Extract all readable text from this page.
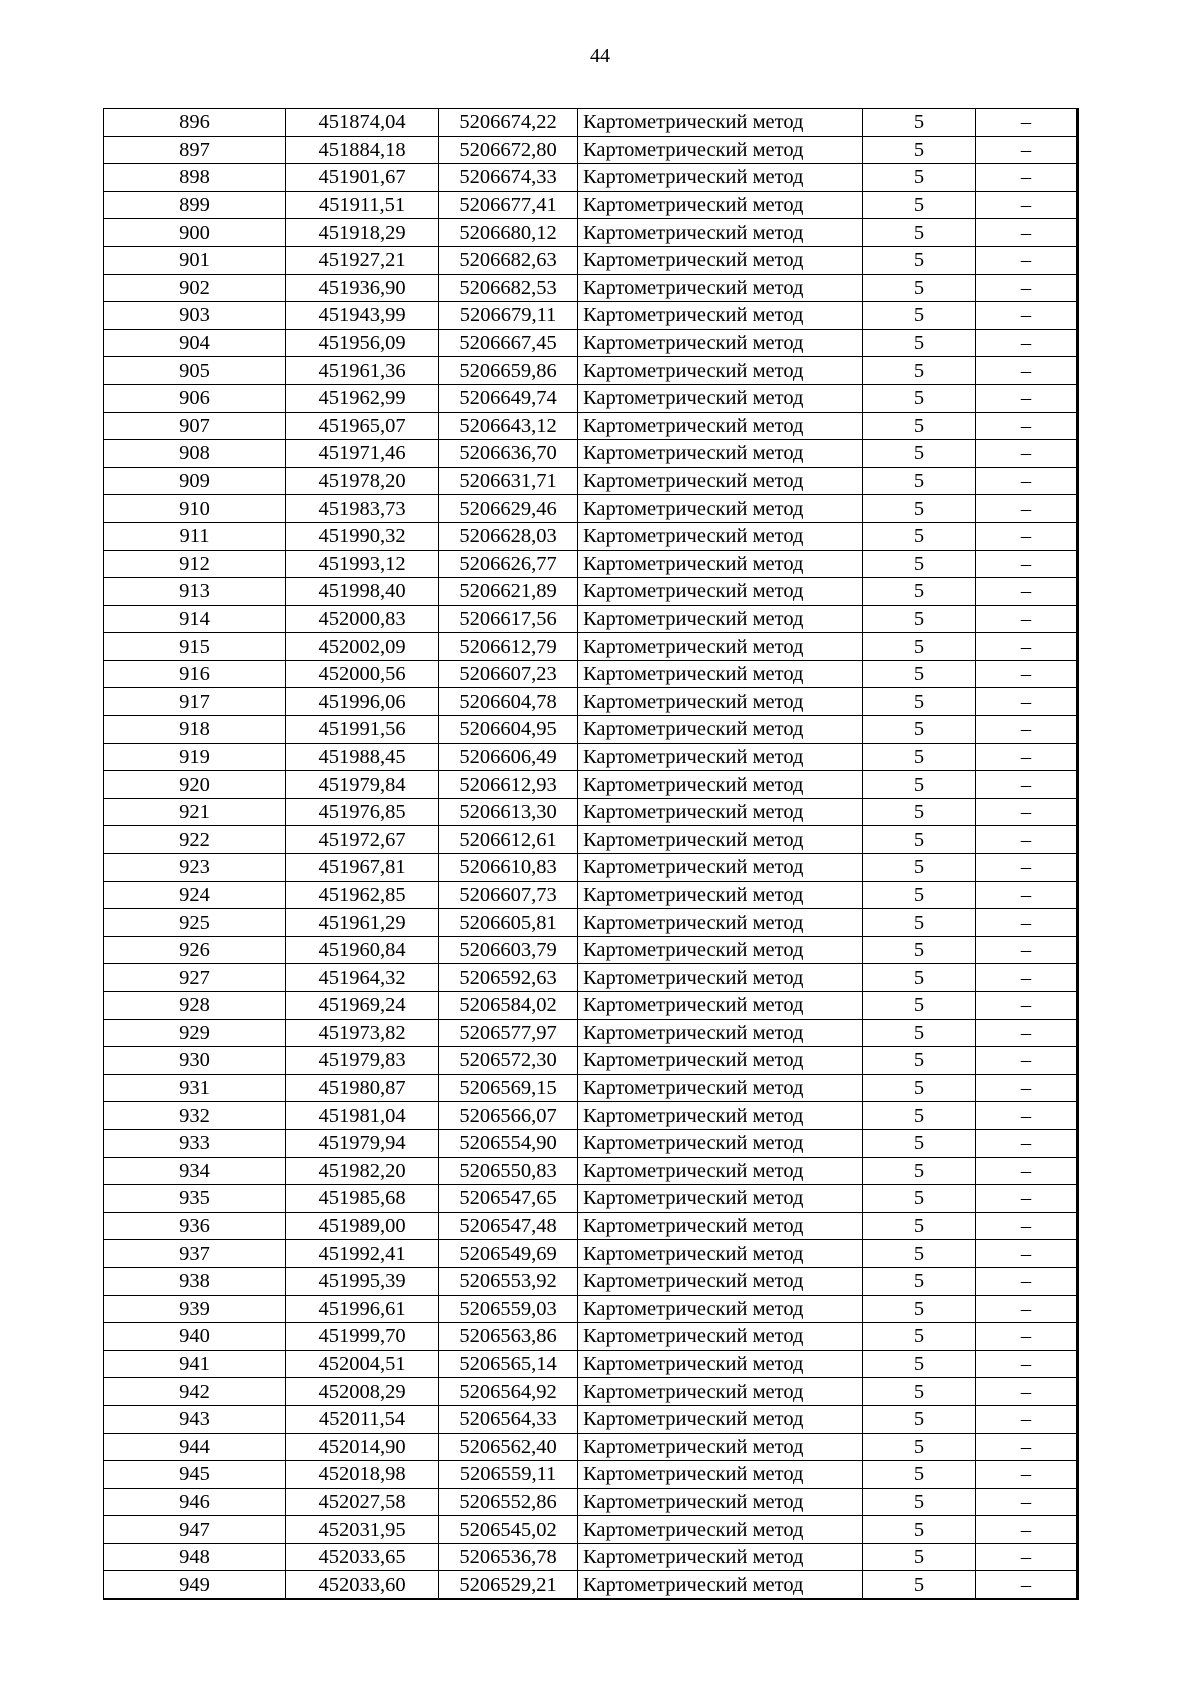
44
896	451874,04	5206674,22	Картометрический метод	5	–
897	451884,18	5206672,80	Картометрический метод	5	–
898	451901,67	5206674,33	Картометрический метод	5	–
899	451911,51	5206677,41	Картометрический метод	5	–
900	451918,29	5206680,12	Картометрический метод	5	–
901	451927,21	5206682,63	Картометрический метод	5	–
902	451936,90	5206682,53	Картометрический метод	5	–
903	451943,99	5206679,11	Картометрический метод	5	–
904	451956,09	5206667,45	Картометрический метод	5	–
905	451961,36	5206659,86	Картометрический метод	5	–
906	451962,99	5206649,74	Картометрический метод	5	–
907	451965,07	5206643,12	Картометрический метод	5	–
908	451971,46	5206636,70	Картометрический метод	5	–
909	451978,20	5206631,71	Картометрический метод	5	–
910	451983,73	5206629,46	Картометрический метод	5	–
911	451990,32	5206628,03	Картометрический метод	5	–
912	451993,12	5206626,77	Картометрический метод	5	–
913	451998,40	5206621,89	Картометрический метод	5	–
914	452000,83	5206617,56	Картометрический метод	5	–
915	452002,09	5206612,79	Картометрический метод	5	–
916	452000,56	5206607,23	Картометрический метод	5	–
917	451996,06	5206604,78	Картометрический метод	5	–
918	451991,56	5206604,95	Картометрический метод	5	–
919	451988,45	5206606,49	Картометрический метод	5	–
920	451979,84	5206612,93	Картометрический метод	5	–
921	451976,85	5206613,30	Картометрический метод	5	–
922	451972,67	5206612,61	Картометрический метод	5	–
923	451967,81	5206610,83	Картометрический метод	5	–
924	451962,85	5206607,73	Картометрический метод	5	–
925	451961,29	5206605,81	Картометрический метод	5	–
926	451960,84	5206603,79	Картометрический метод	5	–
927	451964,32	5206592,63	Картометрический метод	5	–
928	451969,24	5206584,02	Картометрический метод	5	–
929	451973,82	5206577,97	Картометрический метод	5	–
930	451979,83	5206572,30	Картометрический метод	5	–
931	451980,87	5206569,15	Картометрический метод	5	–
932	451981,04	5206566,07	Картометрический метод	5	–
933	451979,94	5206554,90	Картометрический метод	5	–
934	451982,20	5206550,83	Картометрический метод	5	–
935	451985,68	5206547,65	Картометрический метод	5	–
936	451989,00	5206547,48	Картометрический метод	5	–
937	451992,41	5206549,69	Картометрический метод	5	–
938	451995,39	5206553,92	Картометрический метод	5	–
939	451996,61	5206559,03	Картометрический метод	5	–
940	451999,70	5206563,86	Картометрический метод	5	–
941	452004,51	5206565,14	Картометрический метод	5	–
942	452008,29	5206564,92	Картометрический метод	5	–
943	452011,54	5206564,33	Картометрический метод	5	–
944	452014,90	5206562,40	Картометрический метод	5	–
945	452018,98	5206559,11	Картометрический метод	5	–
946	452027,58	5206552,86	Картометрический метод	5	–
947	452031,95	5206545,02	Картометрический метод	5	–
948	452033,65	5206536,78	Картометрический метод	5	–
949	452033,60	5206529,21	Картометрический метод	5	–
